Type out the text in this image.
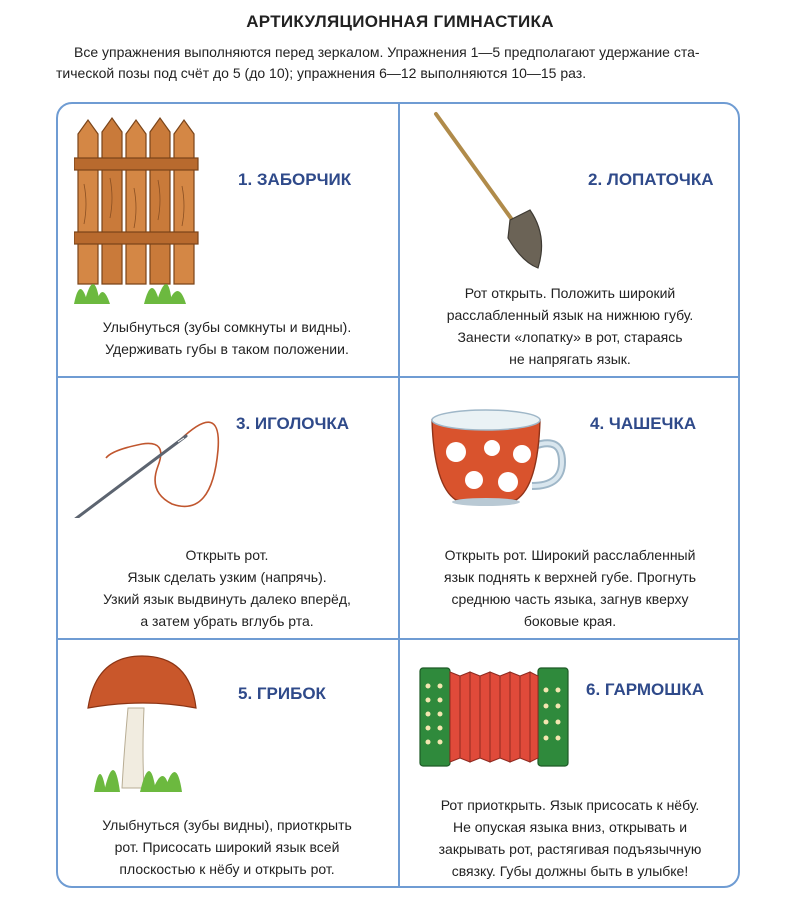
АРТИКУЛЯЦИОННАЯ ГИМНАСТИКА
Все упражнения выполняются перед зеркалом. Упражнения 1—5 предполагают удержание ста-
тической позы под счёт до 5 (до 10); упражнения 6—12 выполняются 10—15 раз.
1. ЗАБОРЧИК
Улыбнуться (зубы сомкнуты и видны).
Удерживать губы в таком положении.
2. ЛОПАТОЧКА
Рот открыть. Положить широкий
расслабленный язык на нижнюю губу.
Занести «лопатку» в рот, стараясь
не напрягать язык.
3. ИГОЛОЧКА
Открыть рот.
Язык сделать узким (напрячь).
Узкий язык выдвинуть далеко вперёд,
а затем убрать вглубь рта.
4. ЧАШЕЧКА
Открыть рот. Широкий расслабленный
язык поднять к верхней губе. Прогнуть
среднюю часть языка, загнув кверху
боковые края.
5. ГРИБОК
Улыбнуться (зубы видны), приоткрыть
рот. Присосать широкий язык всей
плоскостью к нёбу и открыть рот.
6. ГАРМОШКА
Рот приоткрыть. Язык присосать к нёбу.
Не опуская языка вниз, открывать и
закрывать рот, растягивая подъязычную
связку. Губы должны быть в улыбке!
